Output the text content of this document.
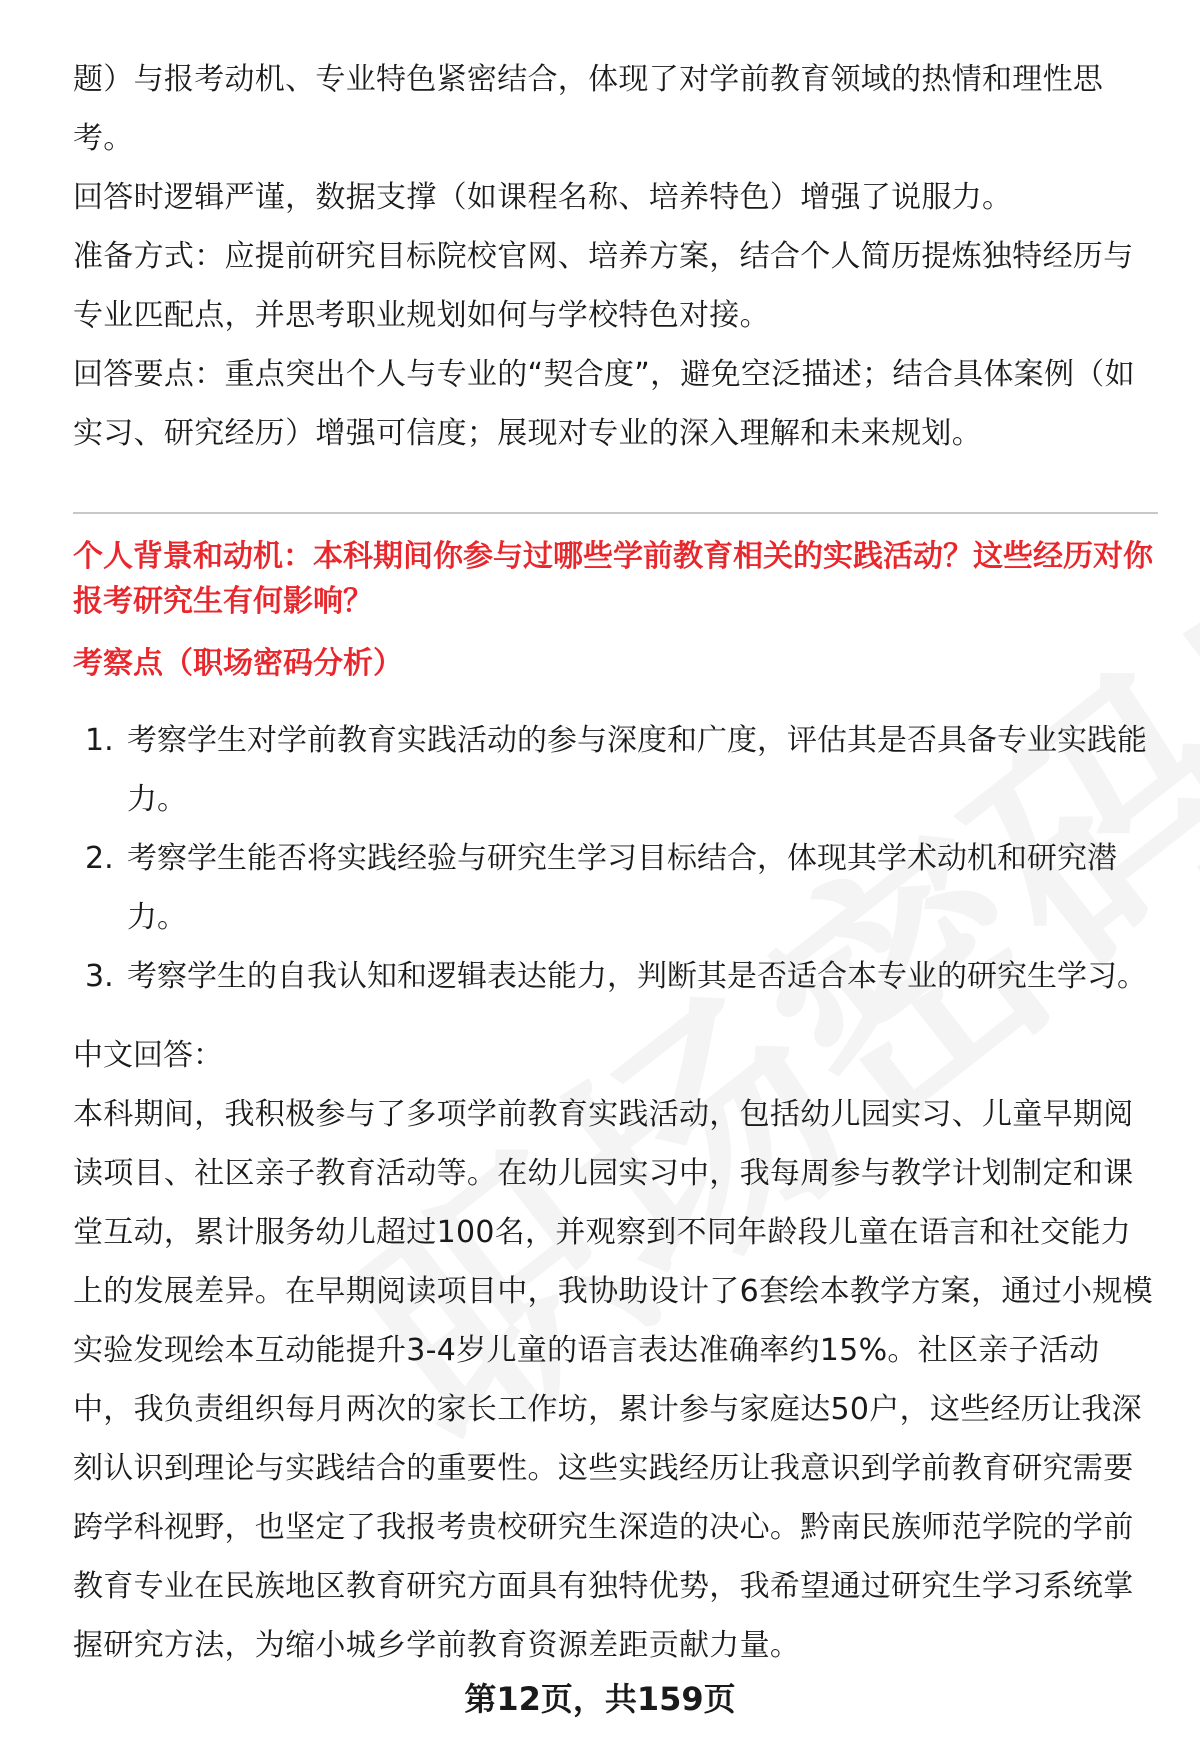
题）与报考动机、专业特色紧密结合，体现了对学前教育领域的热情和理性思考。

回答时逻辑严谨，数据支撑（如课程名称、培养特色）增强了说服力。

准备方式：应提前研究目标院校官网、培养方案，结合个人简历提炼独特经历与专业匹配点，并思考职业规划如何与学校特色对接。

回答要点：重点突出个人与专业的“契合度”，避免空泛描述；结合具体案例（如实习、研究经历）增强可信度；展现对专业的深入理解和未来规划。

个人背景和动机：本科期间你参与过哪些学前教育相关的实践活动？这些经历对你报考研究生有何影响？

考察点（职场密码分析）

1. 考察学生对学前教育实践活动的参与深度和广度，评估其是否具备专业实践能力。
2. 考察学生能否将实践经验与研究生学习目标结合，体现其学术动机和研究潜力。
3. 考察学生的自我认知和逻辑表达能力，判断其是否适合本专业的研究生学习。

中文回答：

本科期间，我积极参与了多项学前教育实践活动，包括幼儿园实习、儿童早期阅读项目、社区亲子教育活动等。在幼儿园实习中，我每周参与教学计划制定和课堂互动，累计服务幼儿超过100名，并观察到不同年龄段儿童在语言和社交能力上的发展差异。在早期阅读项目中，我协助设计了6套绘本教学方案，通过小规模实验发现绘本互动能提升3-4岁儿童的语言表达准确率约15%。社区亲子活动中，我负责组织每月两次的家长工作坊，累计参与家庭达50户，这些经历让我深刻认识到理论与实践结合的重要性。这些实践经历让我意识到学前教育研究需要跨学科视野，也坚定了我报考贵校研究生深造的决心。黔南民族师范学院的学前教育专业在民族地区教育研究方面具有独特优势，我希望通过研究生学习系统掌握研究方法，为缩小城乡学前教育资源差距贡献力量。

第12页，共159页
